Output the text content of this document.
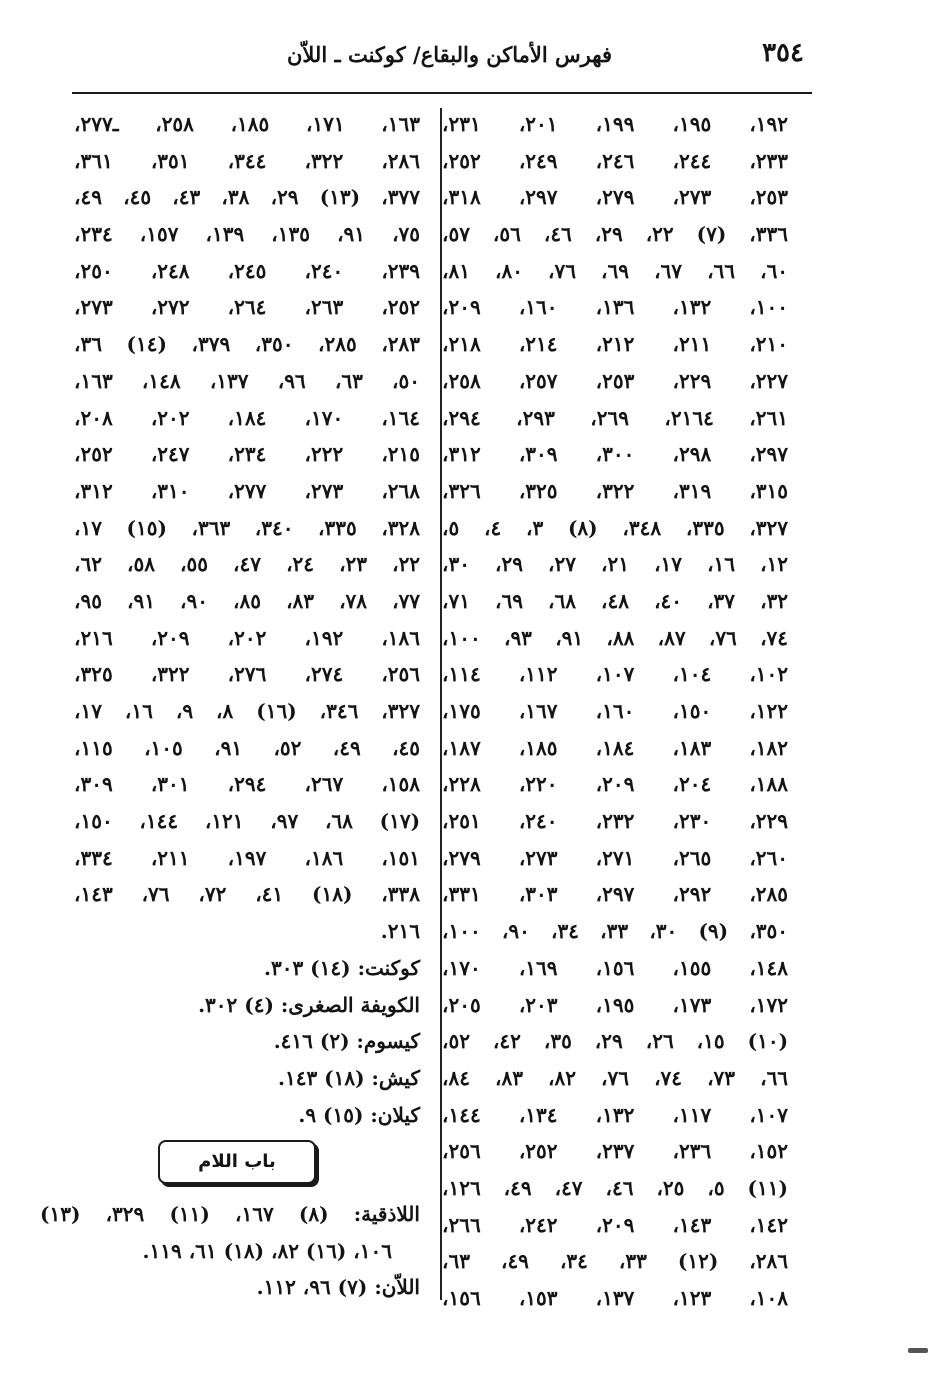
٣٥٤
فهرس الأماكن والبقاع/ كوكنت ـ اللاّن
١٩٢، ١٩٥، ١٩٩، ٢٠١، ٢٣١،
٢٣٣، ٢٤٤، ٢٤٦، ٢٤٩، ٢٥٢،
٢٥٣، ٢٧٣، ٢٧٩، ٢٩٧، ٣١٨،
٣٣٦، (٧) ٢٢، ٢٩، ٤٦، ٥٦، ٥٧،
٦٠، ٦٦، ٦٧، ٦٩، ٧٦، ٨٠، ٨١،
١٠٠، ١٣٢، ١٣٦، ١٦٠، ٢٠٩،
٢١٠، ٢١١، ٢١٢، ٢١٤، ٢١٨،
٢٢٧، ٢٢٩، ٢٥٣، ٢٥٧، ٢٥٨،
٢٦١، ٢١٦٤، ٢٦٩، ٢٩٣، ٢٩٤،
٢٩٧، ٢٩٨، ٣٠٠، ٣٠٩، ٣١٢،
٣١٥، ٣١٩، ٣٢٢، ٣٢٥، ٣٢٦،
٣٢٧، ٣٣٥، ٣٤٨، (٨) ٣، ٤، ٥،
١٢، ١٦، ١٧، ٢١، ٢٧، ٢٩، ٣٠،
٣٢، ٣٧، ٤٠، ٤٨، ٦٨، ٦٩، ٧١،
٧٤، ٧٦، ٨٧، ٨٨، ٩١، ٩٣، ١٠٠،
١٠٢، ١٠٤، ١٠٧، ١١٢، ١١٤،
١٢٢، ١٥٠، ١٦٠، ١٦٧، ١٧٥،
١٨٢، ١٨٣، ١٨٤، ١٨٥، ١٨٧،
١٨٨، ٢٠٤، ٢٠٩، ٢٢٠، ٢٢٨،
٢٢٩، ٢٣٠، ٢٣٢، ٢٤٠، ٢٥١،
٢٦٠، ٢٦٥، ٢٧١، ٢٧٣، ٢٧٩،
٢٨٥، ٢٩٢، ٢٩٧، ٣٠٣، ٣٣١،
٣٥٠، (٩) ٣٠، ٣٣، ٣٤، ٩٠، ١٠٠،
١٤٨، ١٥٥، ١٥٦، ١٦٩، ١٧٠،
١٧٢، ١٧٣، ١٩٥، ٢٠٣، ٢٠٥،
(١٠) ١٥، ٢٦، ٢٩، ٣٥، ٤٢، ٥٢،
٦٦، ٧٣، ٧٤، ٧٦، ٨٢، ٨٣، ٨٤،
١٠٧، ١١٧، ١٣٢، ١٣٤، ١٤٤،
١٥٢، ٢٣٦، ٢٣٧، ٢٥٢، ٢٥٦،
(١١) ٥، ٢٥، ٤٦، ٤٧، ٤٩، ١٢٦،
١٤٢، ١٤٣، ٢٠٩، ٢٤٢، ٢٦٦،
٢٨٦، (١٢) ٣٣، ٣٤، ٤٩، ٦٣،
١٠٨، ١٢٣، ١٣٧، ١٥٣، ١٥٦،
١٦٣، ١٧١، ١٨٥، ٢٥٨، ـ٢٧٧،
٢٨٦، ٣٢٢، ٣٤٤، ٣٥١، ٣٦١،
٣٧٧، (١٣) ٢٩، ٣٨، ٤٣، ٤٥، ٤٩،
٧٥، ٩١، ١٣٥، ١٣٩، ١٥٧، ٢٣٤،
٢٣٩، ٢٤٠، ٢٤٥، ٢٤٨، ٢٥٠،
٢٥٢، ٢٦٣، ٢٦٤، ٢٧٢، ٢٧٣،
٢٨٣، ٢٨٥، ٣٥٠، ٣٧٩، (١٤) ٣٦،
٥٠، ٦٣، ٩٦، ١٣٧، ١٤٨، ١٦٣،
١٦٤، ١٧٠، ١٨٤، ٢٠٢، ٢٠٨،
٢١٥، ٢٢٢، ٢٣٤، ٢٤٧، ٢٥٢،
٢٦٨، ٢٧٣، ٢٧٧، ٣١٠، ٣١٢،
٣٢٨، ٣٣٥، ٣٤٠، ٣٦٣، (١٥) ١٧،
٢٢، ٢٣، ٢٤، ٤٧، ٥٥، ٥٨، ٦٢،
٧٧، ٧٨، ٨٣، ٨٥، ٩٠، ٩١، ٩٥،
١٨٦، ١٩٢، ٢٠٢، ٢٠٩، ٢١٦،
٢٥٦، ٢٧٤، ٢٧٦، ٣٢٢، ٣٢٥،
٣٢٧، ٣٤٦، (١٦) ٨، ٩، ١٦، ١٧،
٤٥، ٤٩، ٥٢، ٩١، ١٠٥، ١١٥،
١٥٨، ٢٦٧، ٢٩٤، ٣٠١، ٣٠٩،
(١٧) ٦٨، ٩٧، ١٢١، ١٤٤، ١٥٠،
١٥١، ١٨٦، ١٩٧، ٢١١، ٣٣٤،
٣٣٨، (١٨) ٤١، ٧٢، ٧٦، ١٤٣،
٢١٦.
كوكنت: (١٤) ٣٠٣.
الكويفة الصغرى: (٤) ٣٠٢.
كيسوم: (٢) ٤١٦.
كيش: (١٨) ١٤٣.
كيلان: (١٥) ٩.
باب اللام
اللاذقية: (٨) ١٦٧، (١١) ٣٢٩، (١٣)
١٠٦، (١٦) ٨٢، (١٨) ٦١، ١١٩.
اللاّن: (٧) ٩٦، ١١٢.
